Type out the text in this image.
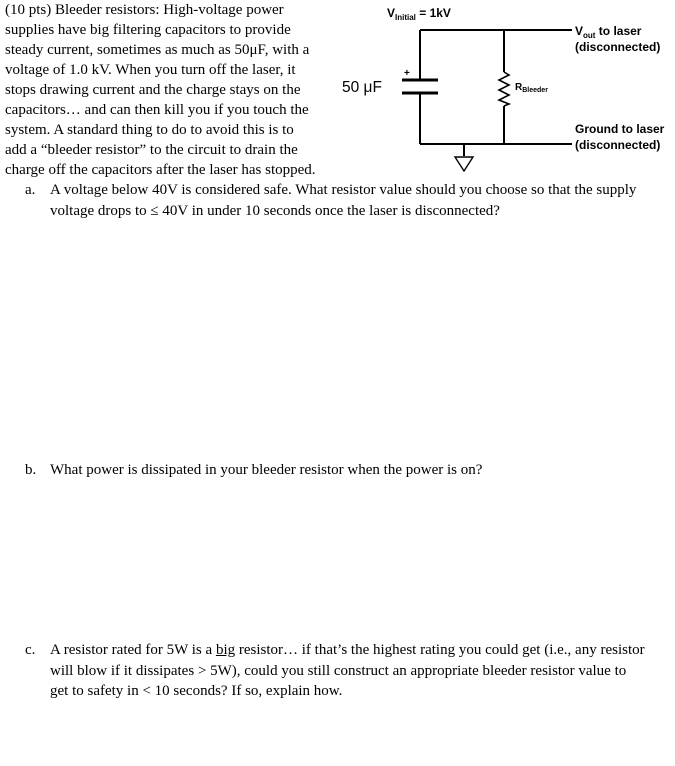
(10 pts) Bleeder resistors: High-voltage power
supplies have big filtering capacitors to provide
steady current, sometimes as much as 50μF, with a
voltage of 1.0 kV. When you turn off the laser, it
stops drawing current and the charge stays on the
capacitors… and can then kill you if you touch the
system. A standard thing to do to avoid this is to
add a “bleeder resistor” to the circuit to drain the
charge off the capacitors after the laser has stopped.
$V_{Initial} = 1kV$
+
50 μF	$R_{Bleeder}$
$V_{out}$ to laser
(disconnected)
Ground to laser
(disconnected)
a. A voltage below 40V is considered safe. What resistor value should you choose so that the supply voltage drops to ≤ 40V in under 10 seconds once the laser is disconnected?
b. What power is dissipated in your bleeder resistor when the power is on?
c. A resistor rated for 5W is a big resistor… if that’s the highest rating you could get (i.e., any resistor will blow if it dissipates > 5W), could you still construct an appropriate bleeder resistor value to get to safety in < 10 seconds? If so, explain how.
